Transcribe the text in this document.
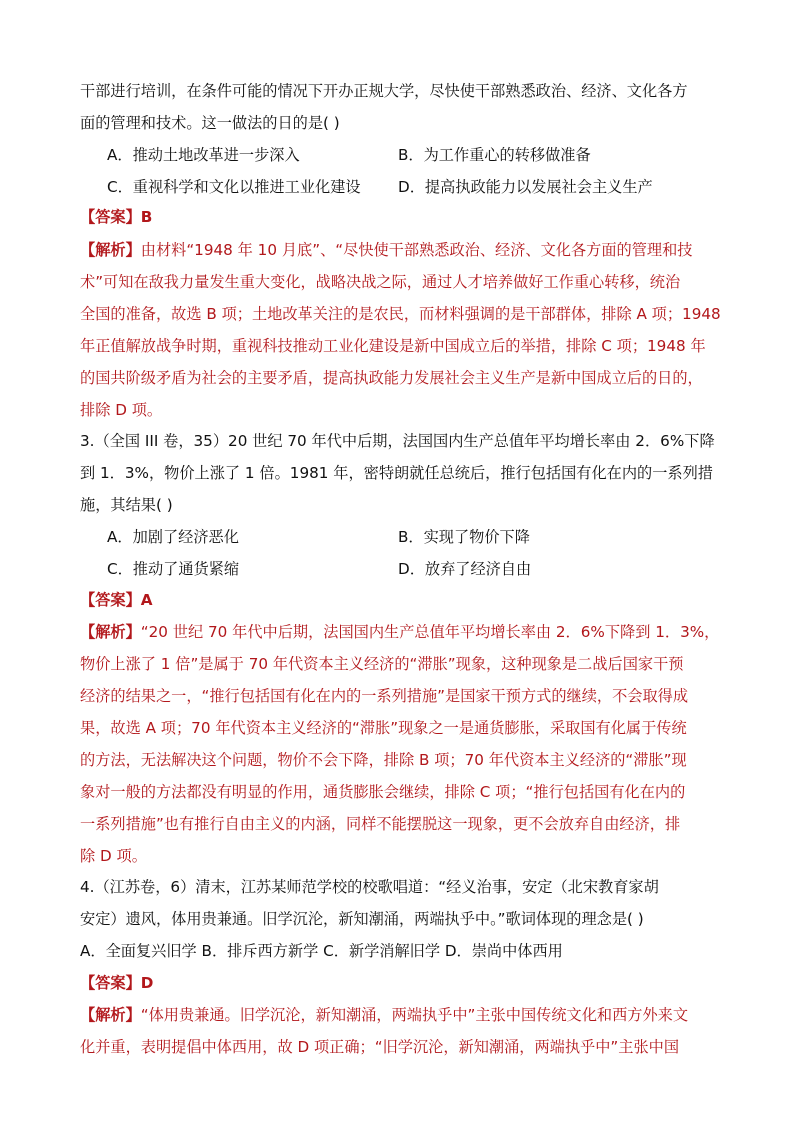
干部进行培训，在条件可能的情况下开办正规大学，尽快使干部熟悉政治、经济、文化各方
面的管理和技术。这一做法的日的是( )
A．推动土地改革进一步深入	B．为工作重心的转移做准备
C．重视科学和文化以推进工业化建设 D．提高执政能力以发展社会主义生产
【答案】B
【解析】由材料“1948 年 10 月底”、“尽快使干部熟悉政治、经济、文化各方面的管理和技
术”可知在敌我力量发生重大变化，战略决战之际，通过人才培养做好工作重心转移，统治
全国的准备，故选 B 项；土地改革关注的是农民，而材料强调的是干部群体，排除 A 项；1948
年正值解放战争时期，重视科技推动工业化建设是新中国成立后的举措，排除 C 项；1948 年
的国共阶级矛盾为社会的主要矛盾，提高执政能力发展社会主义生产是新中国成立后的日的，
排除 D 项。
3.（全国 III 卷，35）20 世纪 70 年代中后期，法国国内生产总值年平均增长率由 2．6%下降
到 1．3%，物价上涨了 1 倍。1981 年，密特朗就任总统后，推行包括国有化在内的一系列措
施，其结果( )
A．加剧了经济恶化	B．实现了物价下降
C．推动了通货紧缩	D．放弃了经济自由
【答案】A
【解析】“20 世纪 70 年代中后期，法国国内生产总值年平均增长率由 2．6%下降到 1．3%，
物价上涨了 1 倍”是属于 70 年代资本主义经济的“滞胀”现象，这种现象是二战后国家干预
经济的结果之一，“推行包括国有化在内的一系列措施”是国家干预方式的继续，不会取得成
果，故选 A 项；70 年代资本主义经济的“滞胀”现象之一是通货膨胀，采取国有化属于传统
的方法，无法解决这个问题，物价不会下降，排除 B 项；70 年代资本主义经济的“滞胀”现
象对一般的方法都没有明显的作用，通货膨胀会继续，排除 C 项；“推行包括国有化在内的
一系列措施”也有推行自由主义的内涵，同样不能摆脱这一现象，更不会放弃自由经济，排
除 D 项。
4.（江苏卷，6）清末，江苏某师范学校的校歌唱道：“经义治事，安定（北宋教育家胡
安定）遗风，体用贵兼通。旧学沉沦，新知潮涌，两端执乎中。”歌词体现的理念是( )
A．全面复兴旧学 B．排斥西方新学 C．新学消解旧学 D．崇尚中体西用
【答案】D
【解析】“体用贵兼通。旧学沉沦，新知潮涌，两端执乎中”主张中国传统文化和西方外来文
化并重，表明提倡中体西用，故 D 项正确；“旧学沉沦，新知潮涌，两端执乎中”主张中国
